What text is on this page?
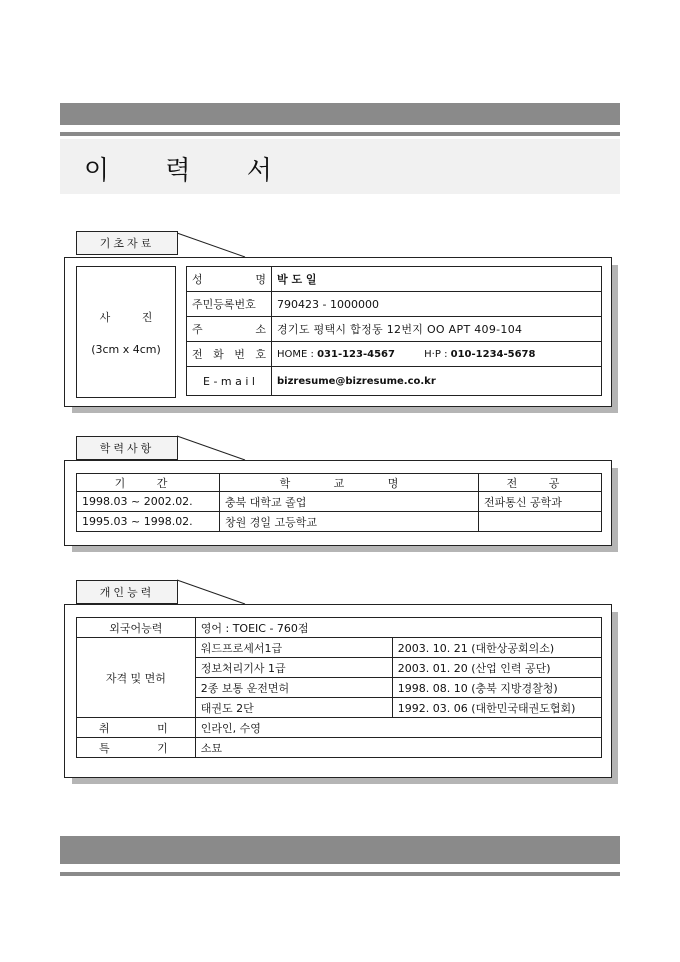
이 력 서
기초자료
사 진
(3cm x 4cm)
성 명	박 도 일
주민등록번호	790423 - 1000000
주 소	경기도 평택시 합정동 12번지 OO APT 409-104
전 화 번 호	HOME : 031-123-4567 H·P : 010-1234-5678
E - m a i l	bizresume@bizresume.co.kr
학력사항
기 간	학 교 명	전 공
1998.03 ~ 2002.02.	충북 대학교 졸업	전파통신 공학과
1995.03 ~ 1998.02.	창원 경일 고등학교	
개인능력
외국어능력	영어 : TOEIC - 760점	
자격 및 면허	워드프로세서1급	2003. 10. 21 (대한상공회의소)
	정보처리기사 1급	2003. 01. 20 (산업 인력 공단)
	2종 보통 운전면허	1998. 08. 10 (충북 지방경찰청)
	태권도 2단	1992. 03. 06 (대한민국태권도협회)
취 미	인라인, 수영	
특 기	소묘	
